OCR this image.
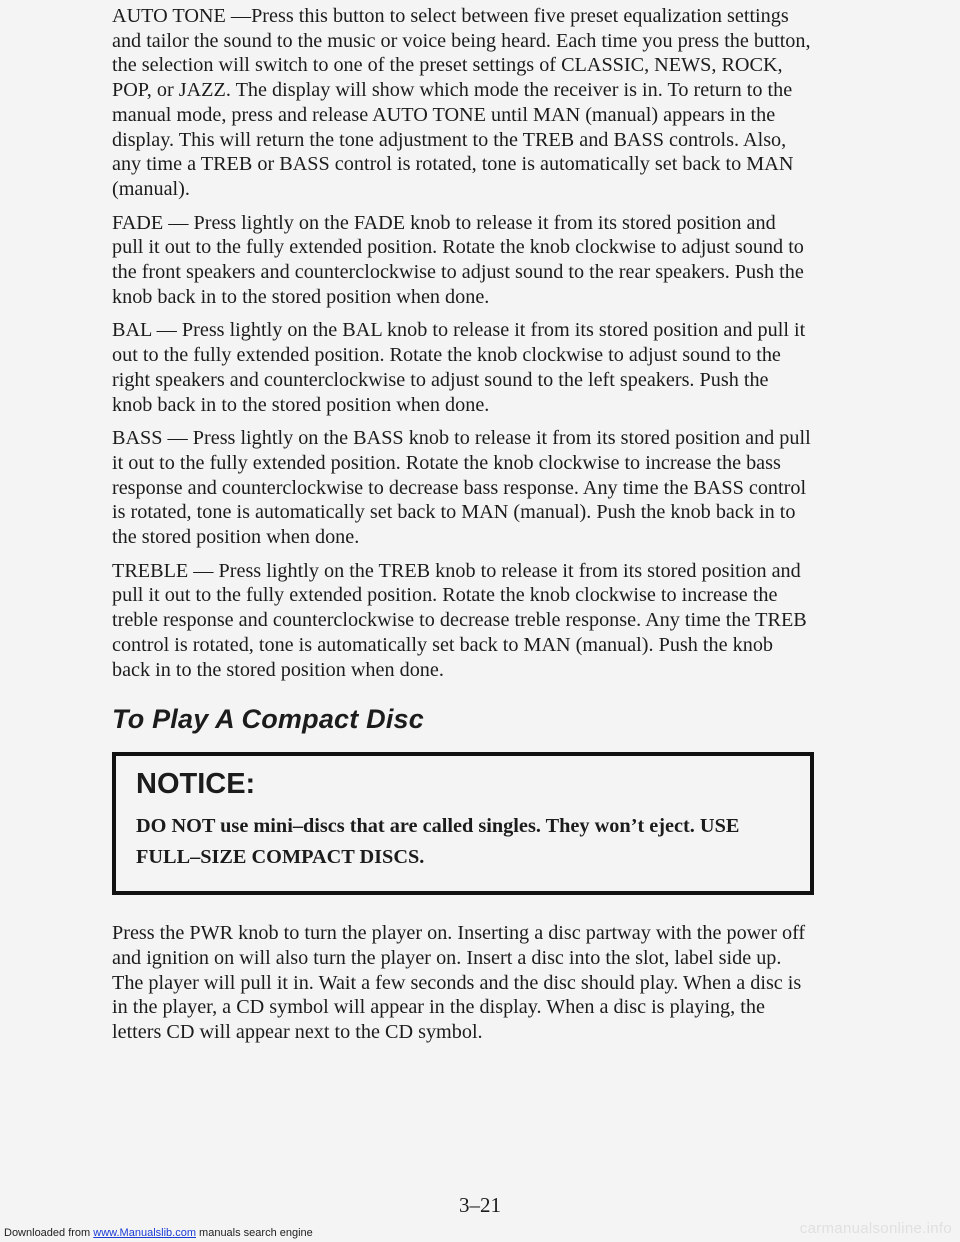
AUTO TONE —Press this button to select between five preset equalization settings and tailor the sound to the music or voice being heard. Each time you press the button, the selection will switch to one of the preset settings of CLASSIC, NEWS, ROCK, POP, or JAZZ. The display will show which mode the receiver is in. To return to the manual mode, press and release AUTO TONE until MAN (manual) appears in the display. This will return the tone adjustment to the TREB and BASS controls. Also, any time a TREB or BASS control is rotated, tone is automatically set back to MAN (manual).

FADE — Press lightly on the FADE knob to release it from its stored position and pull it out to the fully extended position. Rotate the knob clockwise to adjust sound to the front speakers and counterclockwise to adjust sound to the rear speakers. Push the knob back in to the stored position when done.

BAL — Press lightly on the BAL knob to release it from its stored position and pull it out to the fully extended position. Rotate the knob clockwise to adjust sound to the right speakers and counterclockwise to adjust sound to the left speakers. Push the knob back in to the stored position when done.

BASS — Press lightly on the BASS knob to release it from its stored position and pull it out to the fully extended position. Rotate the knob clockwise to increase the bass response and counterclockwise to decrease bass response. Any time the BASS control is rotated, tone is automatically set back to MAN (manual). Push the knob back in to the stored position when done.

TREBLE — Press lightly on the TREB knob to release it from its stored position and pull it out to the fully extended position. Rotate the knob clockwise to increase the treble response and counterclockwise to decrease treble response. Any time the TREB control is rotated, tone is automatically set back to MAN (manual). Push the knob back in to the stored position when done.

To Play A Compact Disc
NOTICE:

DO NOT use mini–discs that are called singles. They won’t eject. USE FULL–SIZE COMPACT DISCS.

Press the PWR knob to turn the player on. Inserting a disc partway with the power off and ignition on will also turn the player on. Insert a disc into the slot, label side up. The player will pull it in. Wait a few seconds and the disc should play. When a disc is in the player, a CD symbol will appear in the display. When a disc is playing, the letters CD will appear next to the CD symbol.

3–21
Downloaded from www.Manualslib.com manuals search engine	carmanualsonline.info
